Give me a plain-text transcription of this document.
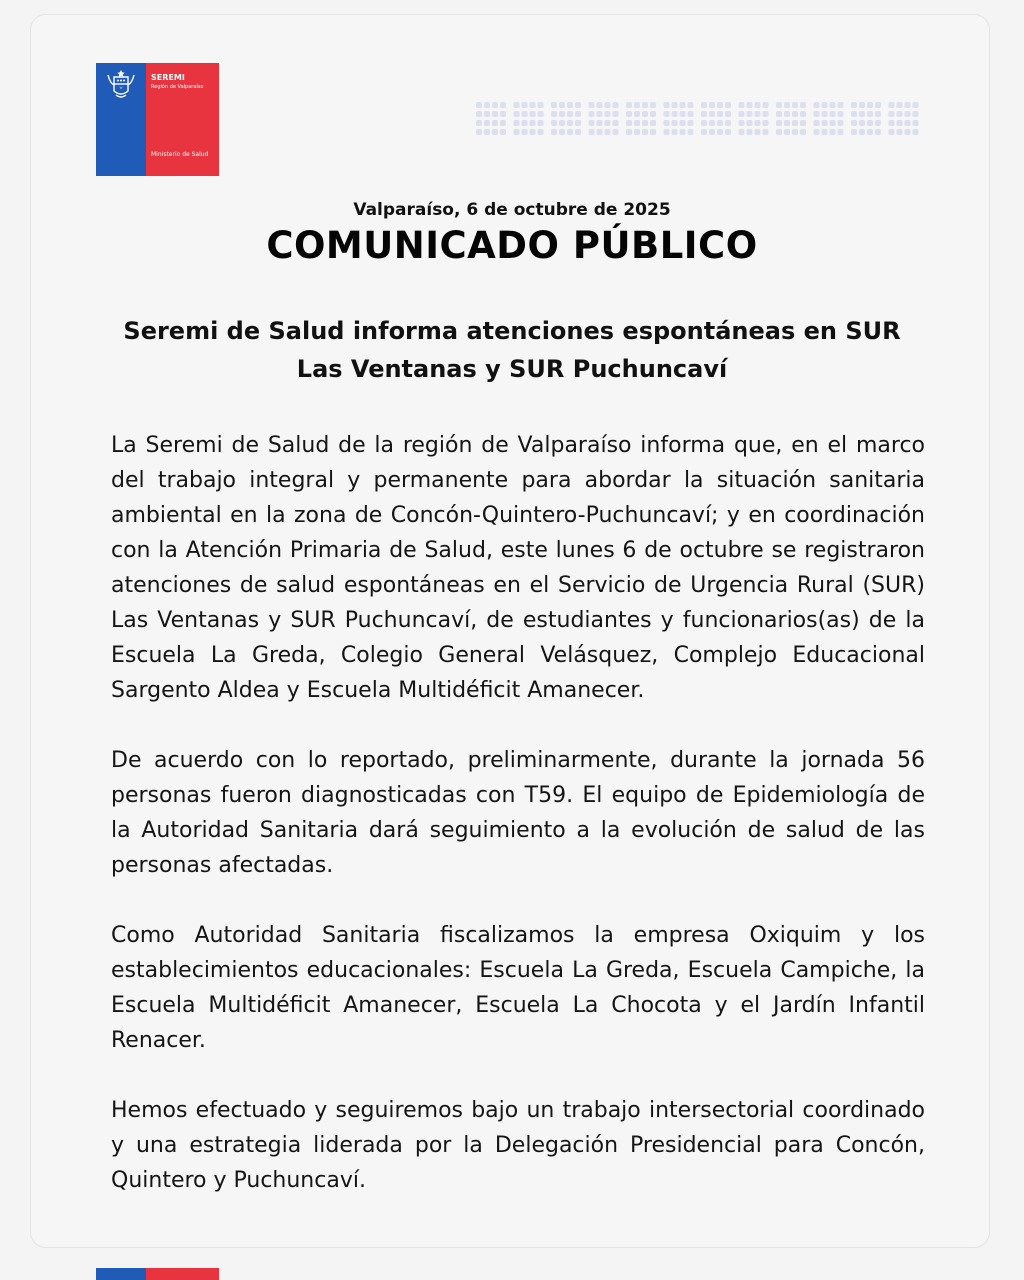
SEREMI
Región de Valparaíso
Ministerio de Salud
Valparaíso, 6 de octubre de 2025
COMUNICADO PÚBLICO
Seremi de Salud informa atenciones espontáneas en SUR Las Ventanas y SUR Puchuncaví

La Seremi de Salud de la región de Valparaíso informa que, en el marco del trabajo integral y permanente para abordar la situación sanitaria ambiental en la zona de Concón-Quintero-Puchuncaví; y en coordinación con la Atención Primaria de Salud, este lunes 6 de octubre se registraron atenciones de salud espontáneas en el Servicio de Urgencia Rural (SUR) Las Ventanas y SUR Puchuncaví, de estudiantes y funcionarios(as) de la Escuela La Greda, Colegio General Velásquez, Complejo Educacional Sargento Aldea y Escuela Multidéficit Amanecer.

De acuerdo con lo reportado, preliminarmente, durante la jornada 56 personas fueron diagnosticadas con T59. El equipo de Epidemiología de la Autoridad Sanitaria dará seguimiento a la evolución de salud de las personas afectadas.

Como Autoridad Sanitaria fiscalizamos la empresa Oxiquim y los establecimientos educacionales: Escuela La Greda, Escuela Campiche, la Escuela Multidéficit Amanecer, Escuela La Chocota y el Jardín Infantil Renacer.

Hemos efectuado y seguiremos bajo un trabajo intersectorial coordinado y una estrategia liderada por la Delegación Presidencial para Concón, Quintero y Puchuncaví.
